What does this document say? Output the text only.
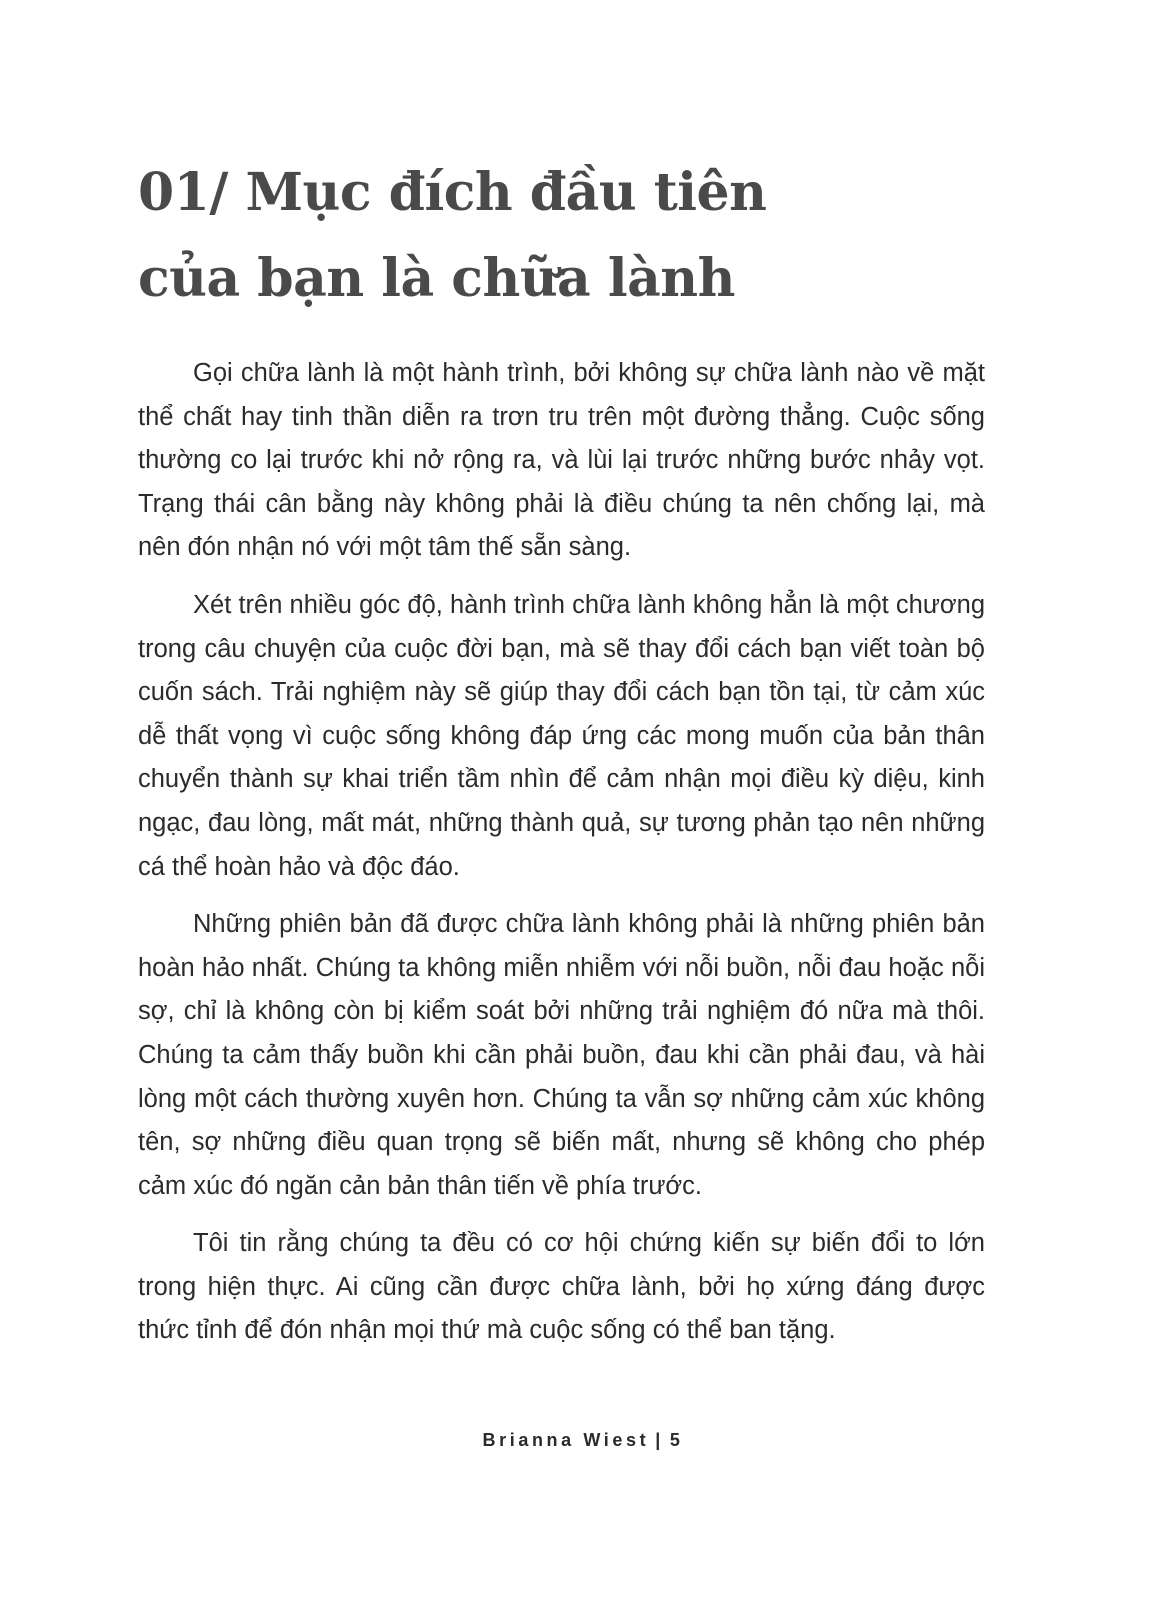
01/ Mục đích đầu tiên
của bạn là chữa lành

Gọi chữa lành là một hành trình, bởi không sự chữa lành nào về mặt thể chất hay tinh thần diễn ra trơn tru trên một đường thẳng. Cuộc sống thường co lại trước khi nở rộng ra, và lùi lại trước những bước nhảy vọt. Trạng thái cân bằng này không phải là điều chúng ta nên chống lại, mà nên đón nhận nó với một tâm thế sẵn sàng.

Xét trên nhiều góc độ, hành trình chữa lành không hẳn là một chương trong câu chuyện của cuộc đời bạn, mà sẽ thay đổi cách bạn viết toàn bộ cuốn sách. Trải nghiệm này sẽ giúp thay đổi cách bạn tồn tại, từ cảm xúc dễ thất vọng vì cuộc sống không đáp ứng các mong muốn của bản thân chuyển thành sự khai triển tầm nhìn để cảm nhận mọi điều kỳ diệu, kinh ngạc, đau lòng, mất mát, những thành quả, sự tương phản tạo nên những cá thể hoàn hảo và độc đáo.

Những phiên bản đã được chữa lành không phải là những phiên bản hoàn hảo nhất. Chúng ta không miễn nhiễm với nỗi buồn, nỗi đau hoặc nỗi sợ, chỉ là không còn bị kiểm soát bởi những trải nghiệm đó nữa mà thôi. Chúng ta cảm thấy buồn khi cần phải buồn, đau khi cần phải đau, và hài lòng một cách thường xuyên hơn. Chúng ta vẫn sợ những cảm xúc không tên, sợ những điều quan trọng sẽ biến mất, nhưng sẽ không cho phép cảm xúc đó ngăn cản bản thân tiến về phía trước.

Tôi tin rằng chúng ta đều có cơ hội chứng kiến sự biến đổi to lớn trong hiện thực. Ai cũng cần được chữa lành, bởi họ xứng đáng được thức tỉnh để đón nhận mọi thứ mà cuộc sống có thể ban tặng.

Brianna Wiest | 5
